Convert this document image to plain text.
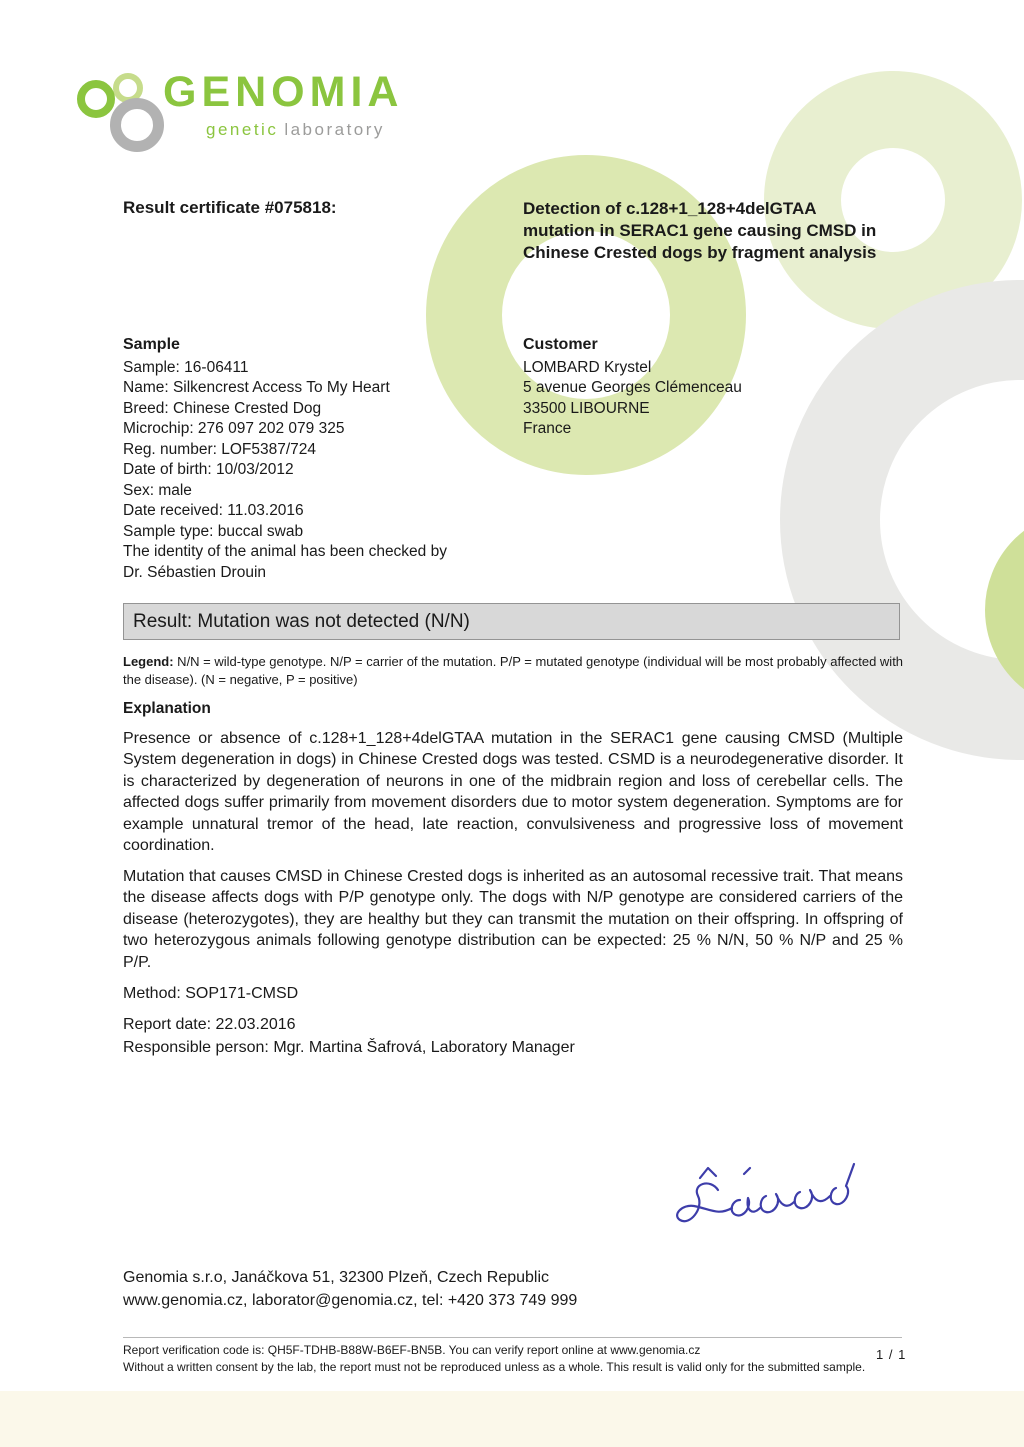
GENOMIA
genetic laboratory
Result certificate #075818:	Detection of c.128+1_128+4delGTAA mutation in SERAC1 gene causing CMSD in Chinese Crested dogs by fragment analysis

Sample

Sample: 16-06411
Name: Silkencrest Access To My Heart
Breed: Chinese Crested Dog
Microchip: 276 097 202 079 325
Reg. number: LOF5387/724
Date of birth: 10/03/2012
Sex: male
Date received: 11.03.2016
Sample type: buccal swab
The identity of the animal has been checked by
Dr. Sébastien Drouin

Customer

LOMBARD Krystel
5 avenue Georges Clémenceau
33500 LIBOURNE
France
Result: Mutation was not detected (N/N)
Legend: N/N = wild-type genotype. N/P = carrier of the mutation. P/P = mutated genotype (individual will be most probably affected with the disease). (N = negative, P = positive)
Explanation
Presence or absence of c.128+1_128+4delGTAA mutation in the SERAC1 gene causing CMSD (Multiple System degeneration in dogs) in Chinese Crested dogs was tested. CSMD is a neurodegenerative disorder. It is characterized by degeneration of neurons in one of the midbrain region and loss of cerebellar cells. The affected dogs suffer primarily from movement disorders due to motor system degeneration. Symptoms are for example unnatural tremor of the head, late reaction, convulsiveness and progressive loss of movement coordination.
Mutation that causes CMSD in Chinese Crested dogs is inherited as an autosomal recessive trait. That means the disease affects dogs with P/P genotype only. The dogs with N/P genotype are considered carriers of the disease (heterozygotes), they are healthy but they can transmit the mutation on their offspring. In offspring of two heterozygous animals following genotype distribution can be expected: 25 % N/N, 50 % N/P and 25 % P/P.
Method: SOP171-CMSD
Report date: 22.03.2016
Responsible person: Mgr. Martina Šafrová, Laboratory Manager
Genomia s.r.o, Janáčkova 51, 32300 Plzeň, Czech Republic
www.genomia.cz, laborator@genomia.cz, tel: +420 373 749 999
Report verification code is: QH5F-TDHB-B88W-B6EF-BN5B. You can verify report online at www.genomia.cz
Without a written consent by the lab, the report must not be reproduced unless as a whole. This result is valid only for the submitted sample.
1 / 1
